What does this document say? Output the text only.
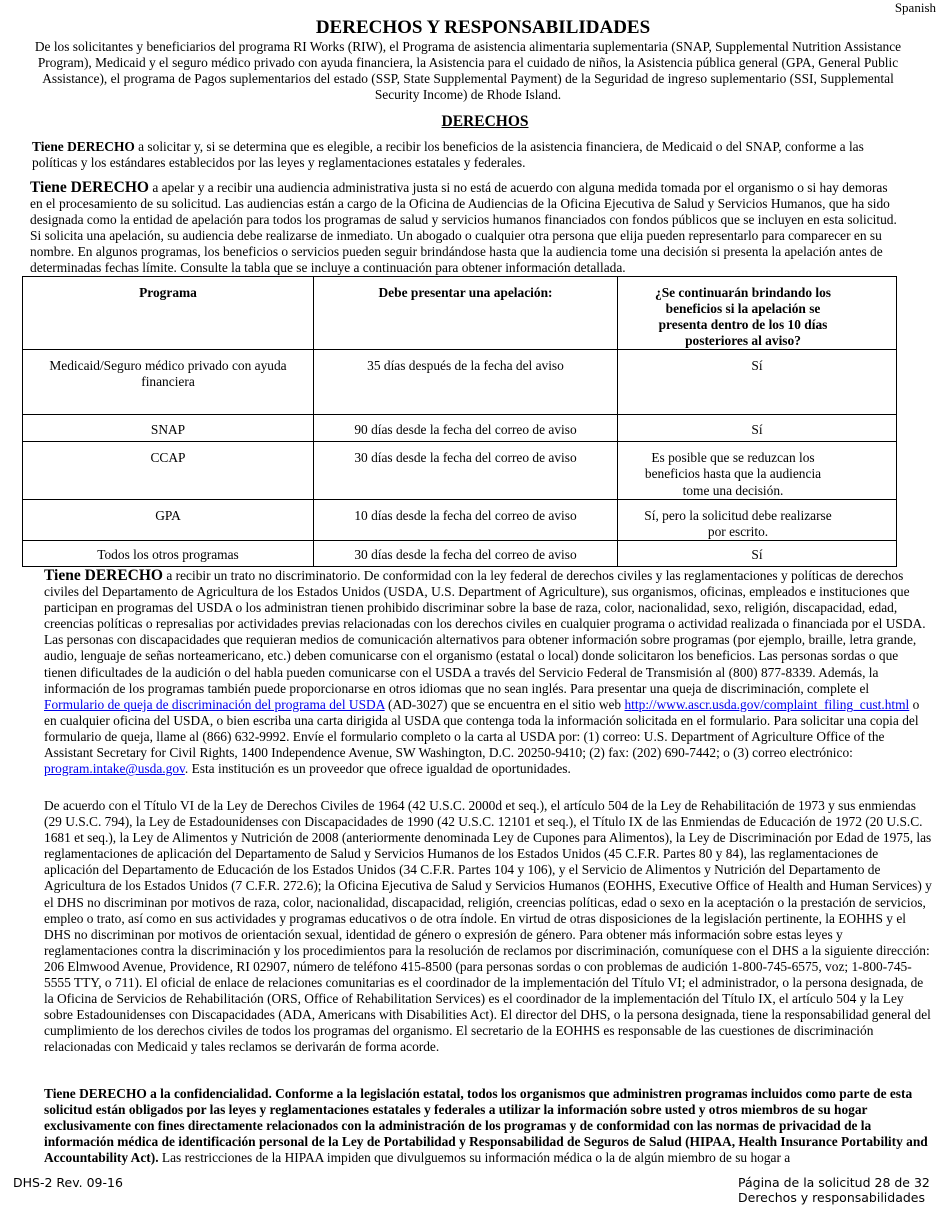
Spanish
DERECHOS Y RESPONSABILIDADES
De los solicitantes y beneficiarios del programa RI Works (RIW), el Programa de asistencia alimentaria suplementaria (SNAP, Supplemental Nutrition Assistance Program), Medicaid y el seguro médico privado con ayuda financiera, la Asistencia para el cuidado de niños, la Asistencia pública general (GPA, General Public Assistance), el programa de Pagos suplementarios del estado (SSP, State Supplemental Payment) de la Seguridad de ingreso suplementario (SSI, Supplemental Security Income) de Rhode Island.
DERECHOS
Tiene DERECHO a solicitar y, si se determina que es elegible, a recibir los beneficios de la asistencia financiera, de Medicaid o del SNAP, conforme a las políticas y los estándares establecidos por las leyes y reglamentaciones estatales y federales.
Tiene DERECHO a apelar y a recibir una audiencia administrativa justa si no está de acuerdo con alguna medida tomada por el organismo o si hay demoras en el procesamiento de su solicitud. Las audiencias están a cargo de la Oficina de Audiencias de la Oficina Ejecutiva de Salud y Servicios Humanos, que ha sido designada como la entidad de apelación para todos los programas de salud y servicios humanos financiados con fondos públicos que se incluyen en esta solicitud. Si solicita una apelación, su audiencia debe realizarse de inmediato. Un abogado o cualquier otra persona que elija pueden representarlo para comparecer en su nombre. En algunos programas, los beneficios o servicios pueden seguir brindándose hasta que la audiencia tome una decisión si presenta la apelación antes de determinadas fechas límite. Consulte la tabla que se incluye a continuación para obtener información detallada.
Programa	Debe presentar una apelación:	¿Se continuarán brindando los beneficios si la apelación se presenta dentro de los 10 días posteriores al aviso?
Medicaid/Seguro médico privado con ayuda financiera	35 días después de la fecha del aviso	Sí
SNAP	90 días desde la fecha del correo de aviso	Sí
CCAP	30 días desde la fecha del correo de aviso	Es posible que se reduzcan los beneficios hasta que la audiencia tome una decisión.
GPA	10 días desde la fecha del correo de aviso	Sí, pero la solicitud debe realizarse por escrito.
Todos los otros programas	30 días desde la fecha del correo de aviso	Sí
Tiene DERECHO a recibir un trato no discriminatorio. De conformidad con la ley federal de derechos civiles y las reglamentaciones y políticas de derechos civiles del Departamento de Agricultura de los Estados Unidos (USDA, U.S. Department of Agriculture), sus organismos, oficinas, empleados e instituciones que participan en programas del USDA o los administran tienen prohibido discriminar sobre la base de raza, color, nacionalidad, sexo, religión, discapacidad, edad, creencias políticas o represalias por actividades previas relacionadas con los derechos civiles en cualquier programa o actividad realizada o financiada por el USDA. Las personas con discapacidades que requieran medios de comunicación alternativos para obtener información sobre programas (por ejemplo, braille, letra grande, audio, lenguaje de señas norteamericano, etc.) deben comunicarse con el organismo (estatal o local) donde solicitaron los beneficios. Las personas sordas o que tienen dificultades de la audición o del habla pueden comunicarse con el USDA a través del Servicio Federal de Transmisión al (800) 877-8339. Además, la información de los programas también puede proporcionarse en otros idiomas que no sean inglés. Para presentar una queja de discriminación, complete el Formulario de queja de discriminación del programa del USDA (AD-3027) que se encuentra en el sitio web http://www.ascr.usda.gov/complaint_filing_cust.html o en cualquier oficina del USDA, o bien escriba una carta dirigida al USDA que contenga toda la información solicitada en el formulario. Para solicitar una copia del formulario de queja, llame al (866) 632-9992. Envíe el formulario completo o la carta al USDA por: (1) correo: U.S. Department of Agriculture Office of the Assistant Secretary for Civil Rights, 1400 Independence Avenue, SW Washington, D.C. 20250-9410; (2) fax: (202) 690-7442; o (3) correo electrónico: program.intake@usda.gov. Esta institución es un proveedor que ofrece igualdad de oportunidades.
De acuerdo con el Título VI de la Ley de Derechos Civiles de 1964 (42 U.S.C. 2000d et seq.), el artículo 504 de la Ley de Rehabilitación de 1973 y sus enmiendas (29 U.S.C. 794), la Ley de Estadounidenses con Discapacidades de 1990 (42 U.S.C. 12101 et seq.), el Título IX de las Enmiendas de Educación de 1972 (20 U.S.C. 1681 et seq.), la Ley de Alimentos y Nutrición de 2008 (anteriormente denominada Ley de Cupones para Alimentos), la Ley de Discriminación por Edad de 1975, las reglamentaciones de aplicación del Departamento de Salud y Servicios Humanos de los Estados Unidos (45 C.F.R. Partes 80 y 84), las reglamentaciones de aplicación del Departamento de Educación de los Estados Unidos (34 C.F.R. Partes 104 y 106), y el Servicio de Alimentos y Nutrición del Departamento de Agricultura de los Estados Unidos (7 C.F.R. 272.6); la Oficina Ejecutiva de Salud y Servicios Humanos (EOHHS, Executive Office of Health and Human Services) y el DHS no discriminan por motivos de raza, color, nacionalidad, discapacidad, religión, creencias políticas, edad o sexo en la aceptación o la prestación de servicios, empleo o trato, así como en sus actividades y programas educativos o de otra índole. En virtud de otras disposiciones de la legislación pertinente, la EOHHS y el DHS no discriminan por motivos de orientación sexual, identidad de género o expresión de género. Para obtener más información sobre estas leyes y reglamentaciones contra la discriminación y los procedimientos para la resolución de reclamos por discriminación, comuníquese con el DHS a la siguiente dirección: 206 Elmwood Avenue, Providence, RI 02907, número de teléfono 415-8500 (para personas sordas o con problemas de audición 1-800-745-6575, voz; 1-800-745-5555 TTY, o 711). El oficial de enlace de relaciones comunitarias es el coordinador de la implementación del Título VI; el administrador, o la persona designada, de la Oficina de Servicios de Rehabilitación (ORS, Office of Rehabilitation Services) es el coordinador de la implementación del Título IX, el artículo 504 y la Ley sobre Estadounidenses con Discapacidades (ADA, Americans with Disabilities Act). El director del DHS, o la persona designada, tiene la responsabilidad general del cumplimiento de los derechos civiles de todos los programas del organismo. El secretario de la EOHHS es responsable de las cuestiones de discriminación relacionadas con Medicaid y tales reclamos se derivarán de forma acorde.
Tiene DERECHO a la confidencialidad. Conforme a la legislación estatal, todos los organismos que administren programas incluidos como parte de esta solicitud están obligados por las leyes y reglamentaciones estatales y federales a utilizar la información sobre usted y otros miembros de su hogar exclusivamente con fines directamente relacionados con la administración de los programas y de conformidad con las normas de privacidad de la información médica de identificación personal de la Ley de Portabilidad y Responsabilidad de Seguros de Salud (HIPAA, Health Insurance Portability and Accountability Act). Las restricciones de la HIPAA impiden que divulguemos su información médica o la de algún miembro de su hogar a
DHS-2 Rev. 09-16	Página de la solicitud 28 de 32
Derechos y responsabilidades
